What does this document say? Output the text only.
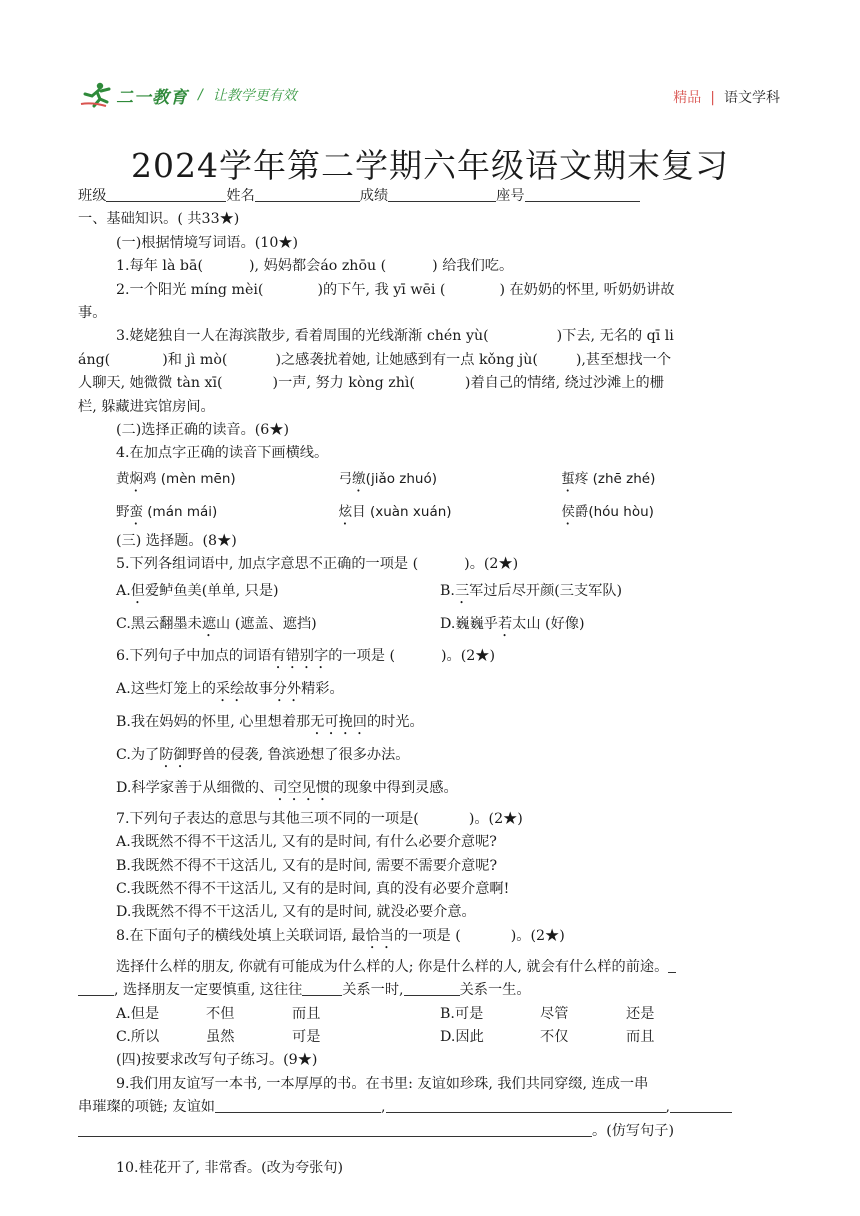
二一教育 / 让教学更有效	精品 | 语文学科
2024学年第二学期六年级语文期末复习
班级	姓名	成绩	座号
一、基础知识。( 共33★)
(一)根据情境写词语。(10★)
1.每年 là bā(	), 妈妈都会áo zhōu (	) 给我们吃。
2.一个阳光 míng mèi(	)的下午, 我 yī wēi (	) 在奶奶的怀里, 听奶奶讲故
事。
3.姥姥独自一人在海滨散步, 看着周围的光线渐渐 chén yù(	)下去, 无名的 qī li
áng(	)和 jì mò(	)之感袭扰着她, 让她感到有一点 kǒng jù(	),甚至想找一个
人聊天, 她微微 tàn xī(	)一声, 努力 kòng zhì(	)着自己的情绪, 绕过沙滩上的栅
栏, 躲藏进宾馆房间。
(二)选择正确的读音。(6★)
4.在加点字正确的读音下画横线。
黄焖鸡 (mèn mēn)	弓缴(jiǎo zhuó)	蜇疼 (zhē zhé)
野蛮 (mán mái)	炫目 (xuàn xuán)	侯爵(hóu hòu)
(三) 选择题。(8★)
5.下列各组词语中, 加点字意思不正确的一项是 (	)。(2★)
A.但爱鲈鱼美(单单, 只是)	B.三军过后尽开颜(三支军队)
C.黑云翻墨未遮山 (遮盖、遮挡)	D.巍巍乎若太山 (好像)
6.下列句子中加点的词语有错别字的一项是 (	)。(2★)
A.这些灯笼上的采绘故事分外精彩。
B.我在妈妈的怀里, 心里想着那无可挽回的时光。
C.为了防御野兽的侵袭, 鲁滨逊想了很多办法。
D.科学家善于从细微的、司空见惯的现象中得到灵感。
7.下列句子表达的意思与其他三项不同的一项是(	)。(2★)
A.我既然不得不干这活儿, 又有的是时间, 有什么必要介意呢?
B.我既然不得不干这活儿, 又有的是时间, 需要不需要介意呢?
C.我既然不得不干这活儿, 又有的是时间, 真的没有必要介意啊!
D.我既然不得不干这活儿, 又有的是时间, 就没必要介意。
8.在下面句子的横线处填上关联词语, 最恰当的一项是 (	)。(2★)
选择什么样的朋友, 你就有可能成为什么样的人; 你是什么样的人, 就会有什么样的前途。
, 选择朋友一定要慎重, 这往往	关系一时,	关系一生。
A.但是	不但	而且	B.可是	尽管	还是
C.所以	虽然	可是	D.因此	不仅	而且
(四)按要求改写句子练习。(9★)
9.我们用友谊写一本书, 一本厚厚的书。在书里: 友谊如珍珠, 我们共同穿缀, 连成一串
串璀璨的项链; 友谊如	,	,
。(仿写句子)
10.桂花开了, 非常香。(改为夸张句)
